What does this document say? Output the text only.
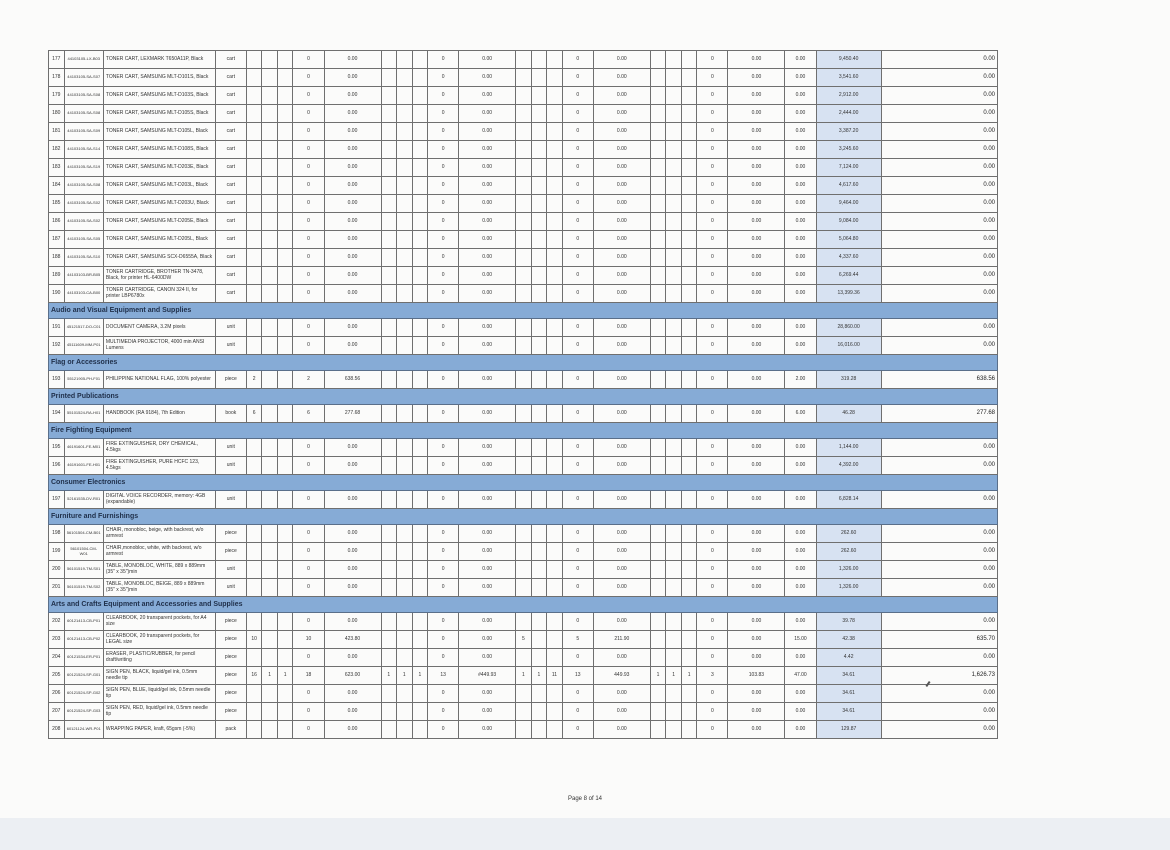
177	44103105-LX-B03	TONER CART, LEXMARK T650A11P, Black	cart				0	0.00				0	0.00				0	0.00				0	0.00	0.00	9,450.40	0.00
178	44103105-SA-S07	TONER CART, SAMSUNG MLT-D101S, Black	cart				0	0.00				0	0.00				0	0.00				0	0.00	0.00	3,541.60	0.00
179	44103105-SA-S08	TONER CART, SAMSUNG MLT-D103S, Black	cart				0	0.00				0	0.00				0	0.00				0	0.00	0.00	2,912.00	0.00
180	44103105-SA-S08	TONER CART, SAMSUNG MLT-D105S, Black	cart				0	0.00				0	0.00				0	0.00				0	0.00	0.00	2,444.00	0.00
181	44103105-SA-S09	TONER CART, SAMSUNG MLT-D105L, Black	cart				0	0.00				0	0.00				0	0.00				0	0.00	0.00	3,387.20	0.00
182	44103105-SA-S14	TONER CART, SAMSUNG MLT-D108S, Black	cart				0	0.00				0	0.00				0	0.00				0	0.00	0.00	3,245.60	0.00
183	44103105-SA-S19	TONER CART, SAMSUNG MLT-D203E, Black	cart				0	0.00				0	0.00				0	0.00				0	0.00	0.00	7,124.00	0.00
184	44103105-SA-S08	TONER CART, SAMSUNG MLT-D203L, Black	cart				0	0.00				0	0.00				0	0.00				0	0.00	0.00	4,617.60	0.00
185	44103105-SA-S02	TONER CART, SAMSUNG MLT-D203U, Black	cart				0	0.00				0	0.00				0	0.00				0	0.00	0.00	9,464.00	0.00
186	44103105-SA-S02	TONER CART, SAMSUNG MLT-D205E, Black	cart				0	0.00				0	0.00				0	0.00				0	0.00	0.00	9,084.00	0.00
187	44103105-SA-S05	TONER CART, SAMSUNG MLT-D205L, Black	cart				0	0.00				0	0.00				0	0.00				0	0.00	0.00	5,064.80	0.00
188	44103105-SA-S10	TONER CART, SAMSUNG SCX-D6555A, Black	cart				0	0.00				0	0.00				0	0.00				0	0.00	0.00	4,337.60	0.00
189	44103103-BR-B05	TONER CARTRIDGE, BROTHER TN-3478, Black, for printer HL-6400DW	cart				0	0.00				0	0.00				0	0.00				0	0.00	0.00	6,269.44	0.00
190	44103103-CA-B00	TONER CARTRIDGE, CANON 324 II, for printer LBP6780x	cart				0	0.00				0	0.00				0	0.00				0	0.00	0.00	13,399.36	0.00
Audio and Visual Equipment and Supplies																										
191	45121517-DO-C01	DOCUMENT CAMERA, 3.2M pixels	unit				0	0.00				0	0.00				0	0.00				0	0.00	0.00	28,860.00	0.00
192	45111609-MM-P01	MULTIMEDIA PROJECTOR, 4000 min ANSI Lumens	unit				0	0.00				0	0.00				0	0.00				0	0.00	0.00	16,016.00	0.00
Flag or Accessories																										
193	55121905-PH-F01	PHILIPPINE NATIONAL FLAG, 100% polyester	piece	2			2	638.56				0	0.00				0	0.00				0	0.00	2.00	319.28	638.56
Printed Publications																										
194	55101524-RA-H01	HANDBOOK (RA 9184), 7th Edition	book	6			6	277.68				0	0.00				0	0.00				0	0.00	6.00	46.28	277.68
Fire Fighting Equipment																										
195	46191601-FE-M01	FIRE EXTINGUISHER, DRY CHEMICAL, 4.5kgs	unit				0	0.00				0	0.00				0	0.00				0	0.00	0.00	1,144.00	0.00
196	46191601-FE-H01	FIRE EXTINGUISHER, PURE HCFC 123, 4.5kgs	unit				0	0.00				0	0.00				0	0.00				0	0.00	0.00	4,392.00	0.00
Consumer Electronics																										
197	52161535-DV-R01	DIGITAL VOICE RECORDER, memory: 4GB (expandable)	unit				0	0.00				0	0.00				0	0.00				0	0.00	0.00	6,828.14	0.00
Furniture and Furnishings																										
198	56101504-CM-B01	CHAIR, monobloc, beige, with backrest, w/o armrest	piece				0	0.00				0	0.00				0	0.00				0	0.00	0.00	262.60	0.00
199	56101504-CM-W01	CHAIR,monobloc, white, with backrest, w/o armrest	piece				0	0.00				0	0.00				0	0.00				0	0.00	0.00	262.60	0.00
200	56101519-TM-S01	TABLE, MONOBLOC, WHITE, 889 x 889mm (35" x 35")min	unit				0	0.00				0	0.00				0	0.00				0	0.00	0.00	1,326.00	0.00
201	56101519-TM-S02	TABLE, MONOBLOC, BEIGE, 889 x 889mm (35" x 35")min	unit				0	0.00				0	0.00				0	0.00				0	0.00	0.00	1,326.00	0.00
Arts and Crafts Equipment and Accessories and Supplies																										
202	60121413-CB-P01	CLEARBOOK, 20 transparent pockets, for A4 size	piece				0	0.00				0	0.00				0	0.00				0	0.00	0.00	39.78	0.00
203	60121413-CB-P02	CLEARBOOK, 20 transparent pockets, for LEGAL size	piece	10			10	423.80				0	0.00	5			5	211.90				0	0.00	15.00	42.38	635.70
204	60121534-ER-P01	ERASER, PLASTIC/RUBBER, for pencil draft/writing	piece				0	0.00				0	0.00				0	0.00				0	0.00	0.00	4.42	0.00
205	60121524-SP-G01	SIGN PEN, BLACK, liquid/gel ink, 0.5mm needle tip	piece	16	1	1	18	623.00	1	1	1	13	#449.93	1	1	11	13	449.93	1	1	1	3	103.83	47.00	34.61	1,626.73
206	60121524-SP-G02	SIGN PEN, BLUE, liquid/gel ink, 0.5mm needle tip	piece				0	0.00				0	0.00				0	0.00				0	0.00	0.00	34.61	0.00
207	60121524-SP-G03	SIGN PEN, RED, liquid/gel ink, 0.5mm needle tip	piece				0	0.00				0	0.00				0	0.00				0	0.00	0.00	34.61	0.00
208	60121124-WR-P01	WRAPPING PAPER, kraft, 65gsm (-5%)	pack				0	0.00				0	0.00				0	0.00				0	0.00	0.00	129.87	0.00
Page 8 of 14
